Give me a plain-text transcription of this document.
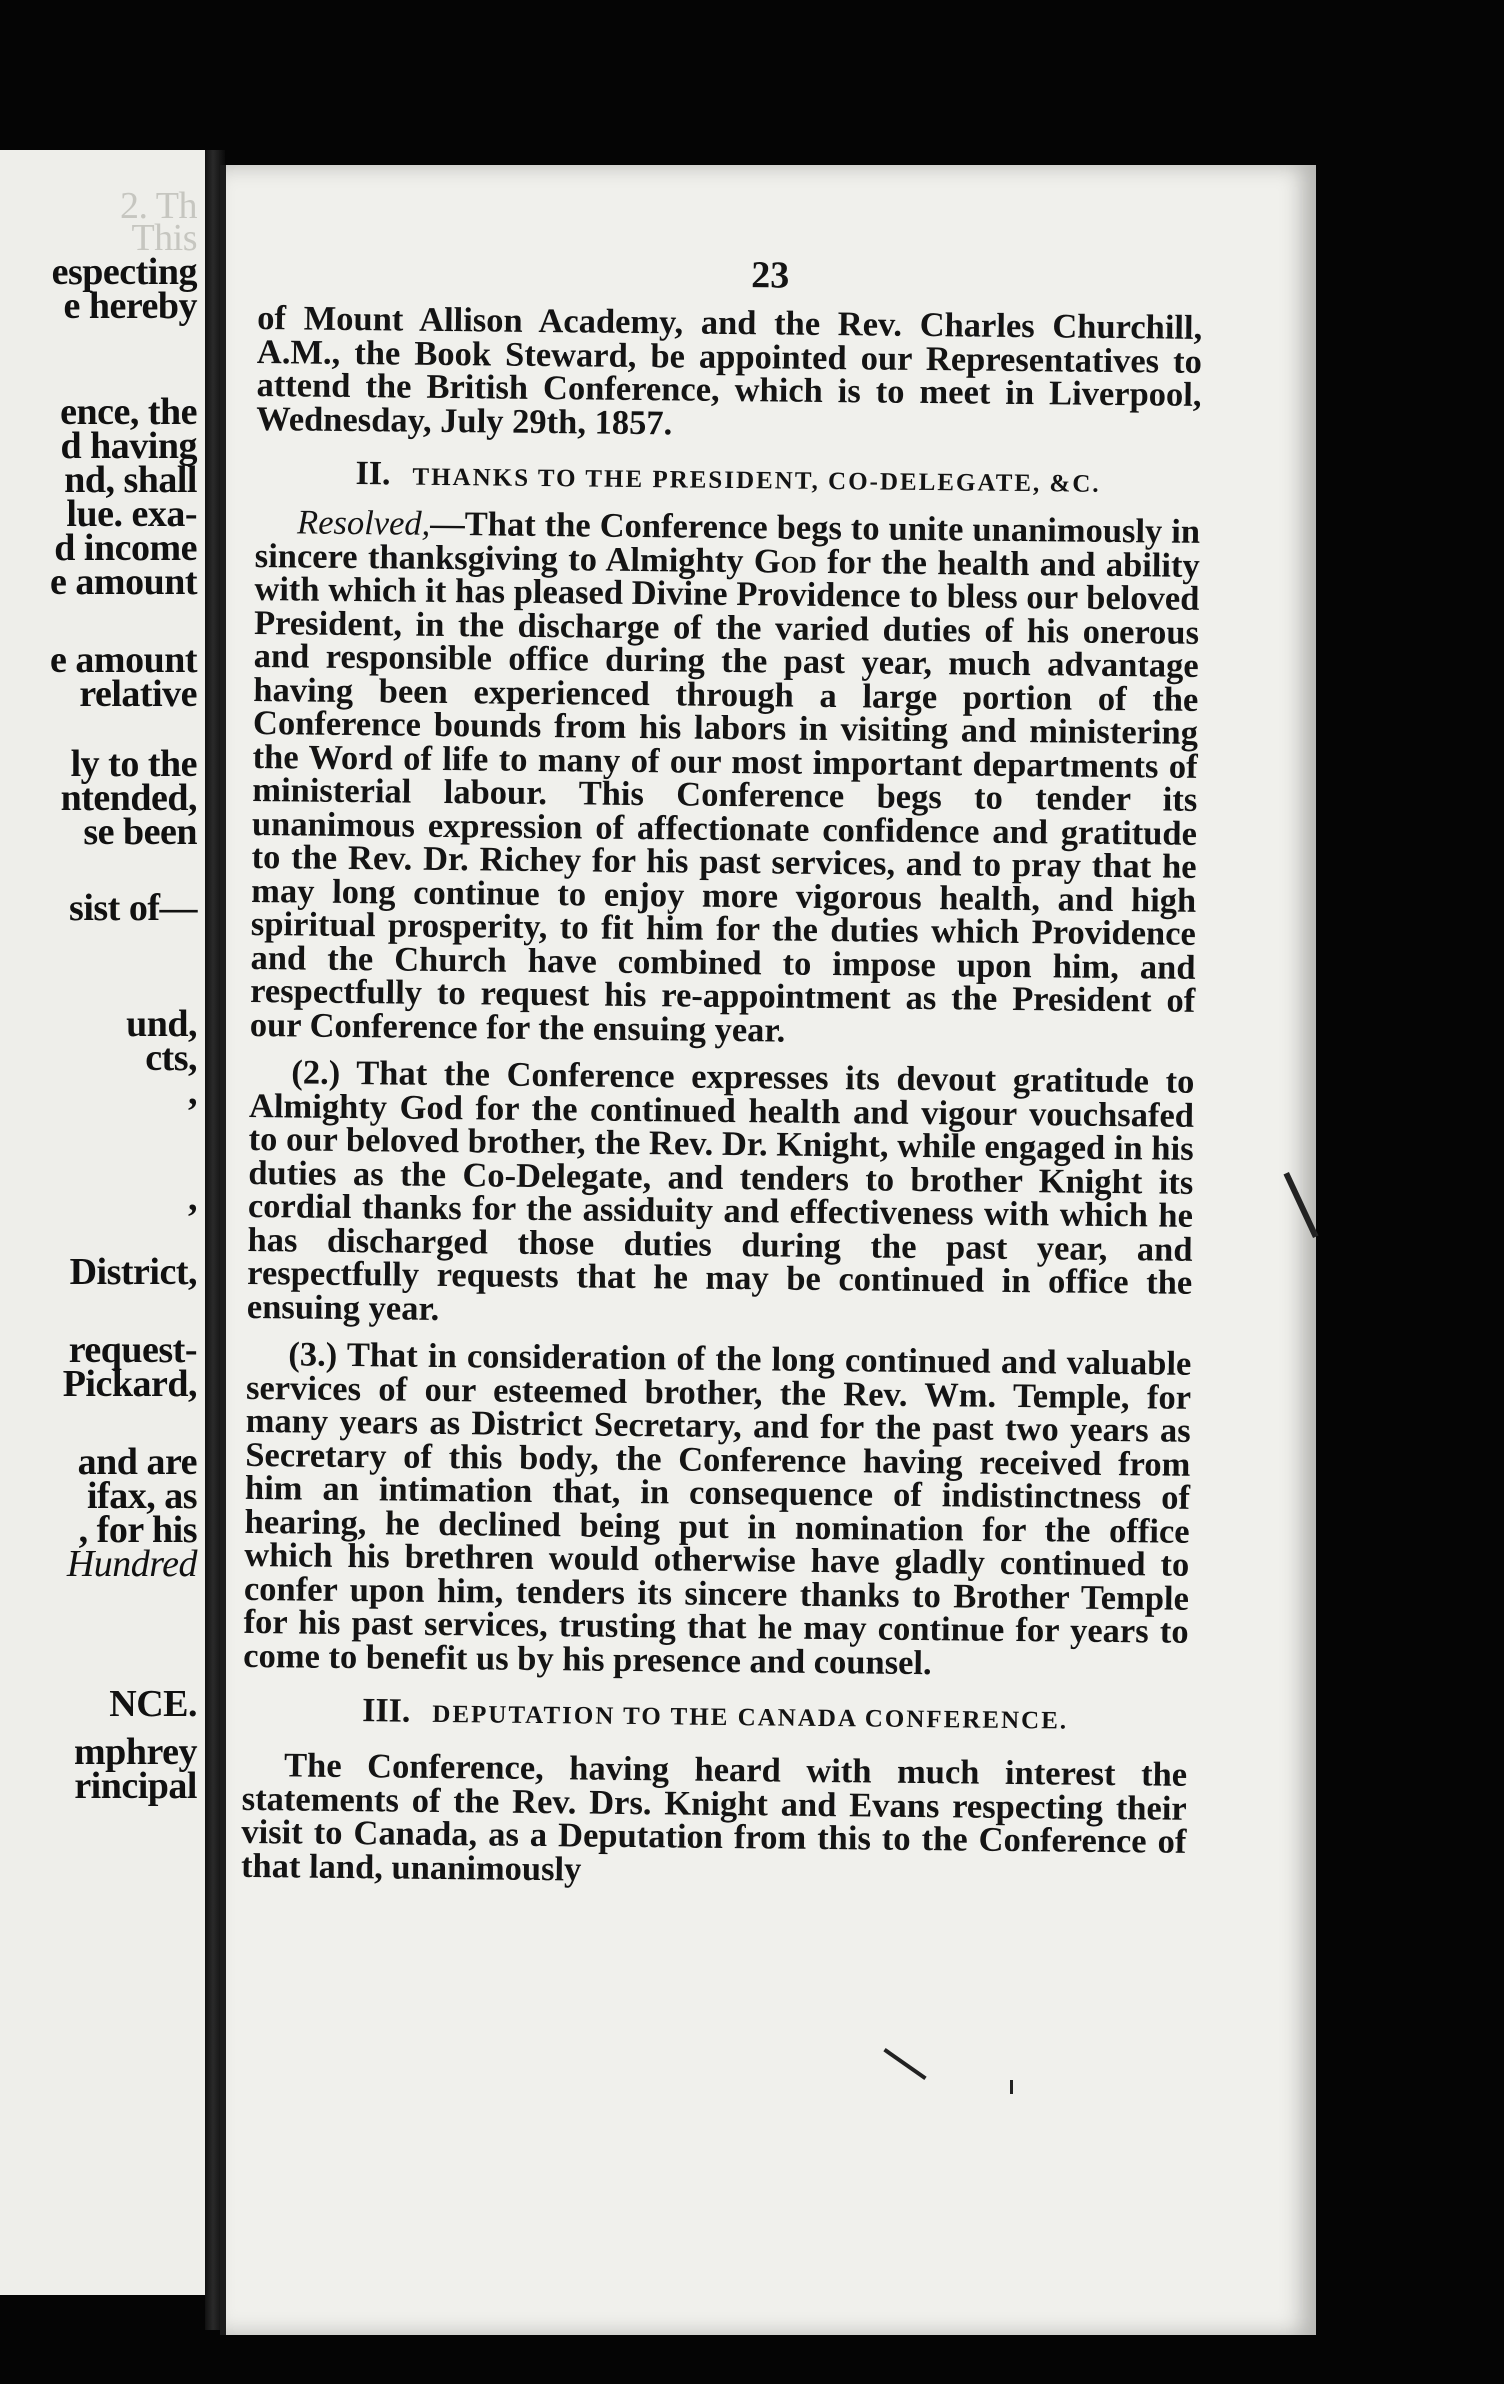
2. Th
This
especting
e hereby
ence, the
d having
nd, shall
lue. exa-
d income
e amount
e amount
relative
ly to the
ntended,
se been
sist of—
und,
cts,
,
,
District,
request-
Pickard,
and are
ifax, as
, for his
Hundred
NCE.
mphrey
rincipal
23

of Mount Allison Academy, and the Rev. Charles Churchill, A.M., the Book Steward, be appointed our Representatives to attend the British Conference, which is to meet in Liverpool, Wednesday, July 29th, 1857.

II. THANKS TO THE PRESIDENT, CO-DELEGATE, &C.

Resolved,—That the Conference begs to unite unanimously in sincere thanksgiving to Almighty God for the health and ability with which it has pleased Divine Providence to bless our beloved President, in the discharge of the varied duties of his onerous and responsible office during the past year, much advantage having been experienced through a large portion of the Conference bounds from his labors in visiting and ministering the Word of life to many of our most important departments of ministerial labour. This Conference begs to tender its unanimous expression of affectionate confidence and gratitude to the Rev. Dr. Richey for his past services, and to pray that he may long continue to enjoy more vigorous health, and high spiritual prosperity, to fit him for the duties which Providence and the Church have combined to impose upon him, and respectfully to request his re-appointment as the President of our Conference for the ensuing year.

(2.) That the Conference expresses its devout gratitude to Almighty God for the continued health and vigour vouchsafed to our beloved brother, the Rev. Dr. Knight, while engaged in his duties as the Co-Delegate, and tenders to brother Knight its cordial thanks for the assiduity and effectiveness with which he has discharged those duties during the past year, and respectfully requests that he may be continued in office the ensuing year.

(3.) That in consideration of the long continued and valuable services of our esteemed brother, the Rev. Wm. Temple, for many years as District Secretary, and for the past two years as Secretary of this body, the Conference having received from him an intimation that, in consequence of indistinctness of hearing, he declined being put in nomination for the office which his brethren would otherwise have gladly continued to confer upon him, tenders its sincere thanks to Brother Temple for his past services, trusting that he may continue for years to come to benefit us by his presence and counsel.

III. DEPUTATION TO THE CANADA CONFERENCE.

The Conference, having heard with much interest the statements of the Rev. Drs. Knight and Evans respecting their visit to Canada, as a Deputation from this to the Conference of that land, unanimously
